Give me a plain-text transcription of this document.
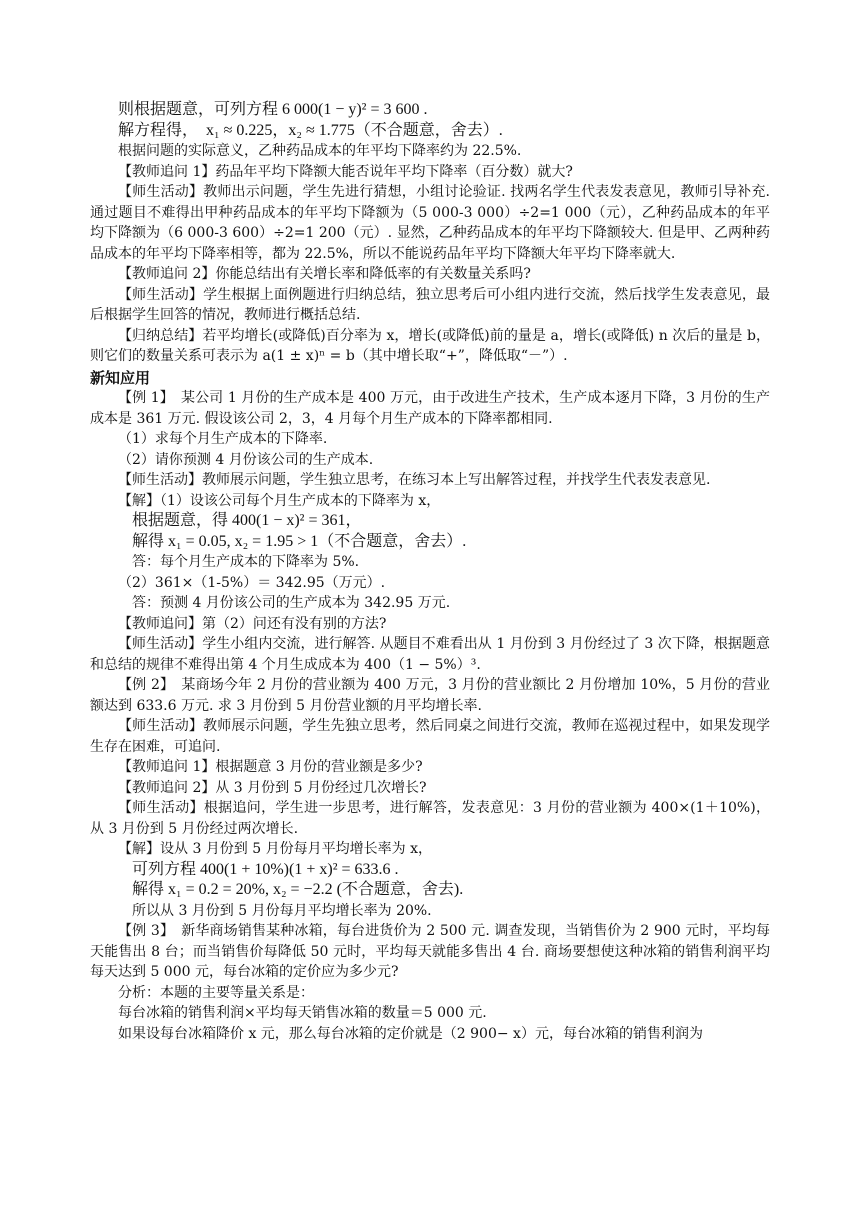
则根据题意，可列方程 6 000(1 − y)² = 3 600 .

解方程得，　x₁ ≈ 0.225，x₂ ≈ 1.775（不合题意，舍去）.

根据问题的实际意义，乙种药品成本的年平均下降率约为 22.5%.

【教师追问 1】药品年平均下降额大能否说年平均下降率（百分数）就大?

【师生活动】教师出示问题，学生先进行猜想，小组讨论验证. 找两名学生代表发表意见，教师引导补充. 通过题目不难得出甲种药品成本的年平均下降额为（5 000-3 000）÷2=1 000（元），乙种药品成本的年平均下降额为（6 000-3 600）÷2=1 200（元）. 显然，乙种药品成本的年平均下降额较大. 但是甲、乙两种药品成本的年平均下降率相等，都为 22.5%，所以不能说药品年平均下降额大年平均下降率就大.

【教师追问 2】你能总结出有关增长率和降低率的有关数量关系吗?

【师生活动】学生根据上面例题进行归纳总结，独立思考后可小组内进行交流，然后找学生发表意见，最后根据学生回答的情况，教师进行概括总结.

【归纳总结】若平均增长(或降低)百分率为 x，增长(或降低)前的量是 a，增长(或降低) n 次后的量是 b，则它们的数量关系可表示为 a(1 ± x)ⁿ = b（其中增长取“+”，降低取“－”）.

新知应用

【例 1】　某公司 1 月份的生产成本是 400 万元，由于改进生产技术，生产成本逐月下降，3 月份的生产成本是 361 万元. 假设该公司 2，3，4 月每个月生产成本的下降率都相同.

（1）求每个月生产成本的下降率.

（2）请你预测 4 月份该公司的生产成本.

【师生活动】教师展示问题，学生独立思考，在练习本上写出解答过程，并找学生代表发表意见.

【解】（1）设该公司每个月生产成本的下降率为 x，

根据题意，得 400(1 − x)² = 361，

解得 x₁ = 0.05, x₂ = 1.95 > 1（不合题意，舍去）.

答：每个月生产成本的下降率为 5%.

（2）361×（1-5%）＝ 342.95（万元）.

答：预测 4 月份该公司的生产成本为 342.95 万元.

【教师追问】第（2）问还有没有别的方法?

【师生活动】学生小组内交流，进行解答. 从题目不难看出从 1 月份到 3 月份经过了 3 次下降，根据题意和总结的规律不难得出第 4 个月生成成本为 400（1 − 5%）³.

【例 2】　某商场今年 2 月份的营业额为 400 万元，3 月份的营业额比 2 月份增加 10%，5 月份的营业额达到 633.6 万元. 求 3 月份到 5 月份营业额的月平均增长率.

【师生活动】教师展示问题，学生先独立思考，然后同桌之间进行交流，教师在巡视过程中，如果发现学生存在困难，可追问.

【教师追问 1】根据题意 3 月份的营业额是多少?

【教师追问 2】从 3 月份到 5 月份经过几次增长?

【师生活动】根据追问，学生进一步思考，进行解答，发表意见：3 月份的营业额为 400×(1＋10%)，从 3 月份到 5 月份经过两次增长.

【解】设从 3 月份到 5 月份每月平均增长率为 x，

可列方程 400(1 + 10%)(1 + x)² = 633.6 .

解得 x₁ = 0.2 = 20%, x₂ = −2.2 (不合题意，舍去).

所以从 3 月份到 5 月份每月平均增长率为 20%.

【例 3】　新华商场销售某种冰箱，每台进货价为 2 500 元. 调查发现，当销售价为 2 900 元时，平均每天能售出 8 台；而当销售价每降低 50 元时，平均每天就能多售出 4 台. 商场要想使这种冰箱的销售利润平均每天达到 5 000 元，每台冰箱的定价应为多少元?

分析：本题的主要等量关系是：

每台冰箱的销售利润×平均每天销售冰箱的数量＝5 000 元.

如果设每台冰箱降价 x 元，那么每台冰箱的定价就是（2 900− x）元，每台冰箱的销售利润为
